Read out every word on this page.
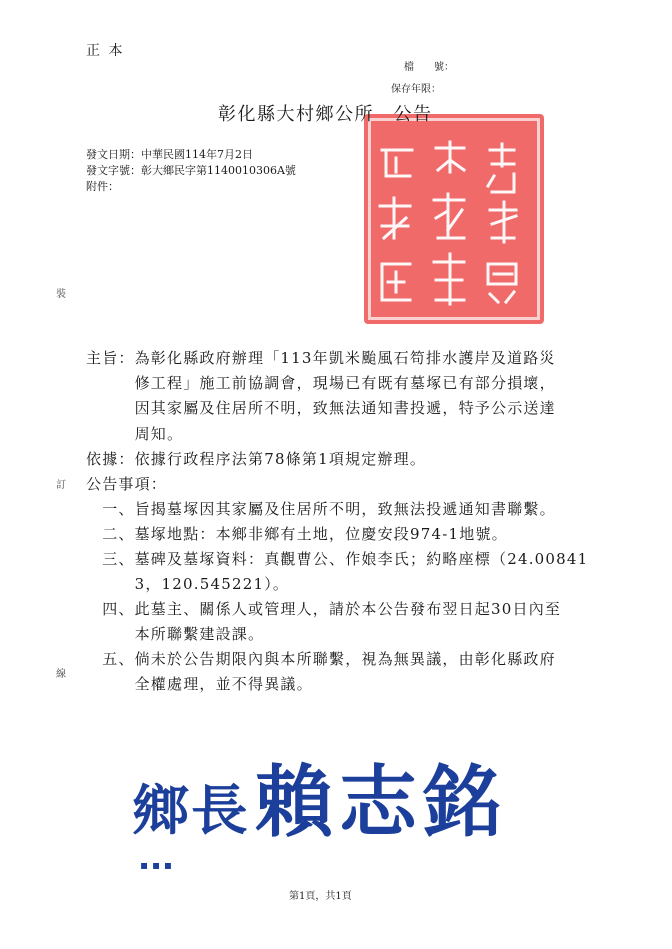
正 本
檔　　號：
保存年限：
彰化縣大村鄉公所　公告
發文日期：中華民國114年7月2日
發文字號：彰大鄉民字第1140010306A號
附件：
裝
訂
線
主旨：為彰化縣政府辦理「113年凱米颱風石笱排水護岸及道路災
　　　修工程」施工前協調會，現場已有既有墓塚已有部分損壞，
　　　因其家屬及住居所不明，致無法通知書投遞，特予公示送達
　　　周知。
依據：依據行政程序法第78條第1項規定辦理。
公告事項：
　一、旨揭墓塚因其家屬及住居所不明，致無法投遞通知書聯繫。
　二、墓塚地點：本鄉非鄉有土地，位慶安段974-1地號。
　三、墓碑及墓塚資料：真觀曹公、作娘李氏；約略座標（24.00841
　　　3，120.545221）。
　四、此墓主、關係人或管理人，請於本公告發布翌日起30日內至
　　　本所聯繫建設課。
　五、倘未於公告期限內與本所聯繫，視為無異議，由彰化縣政府
　　　全權處理，並不得異議。
鄉長賴志銘
▪ ▪ ▪
第1頁，共1頁
